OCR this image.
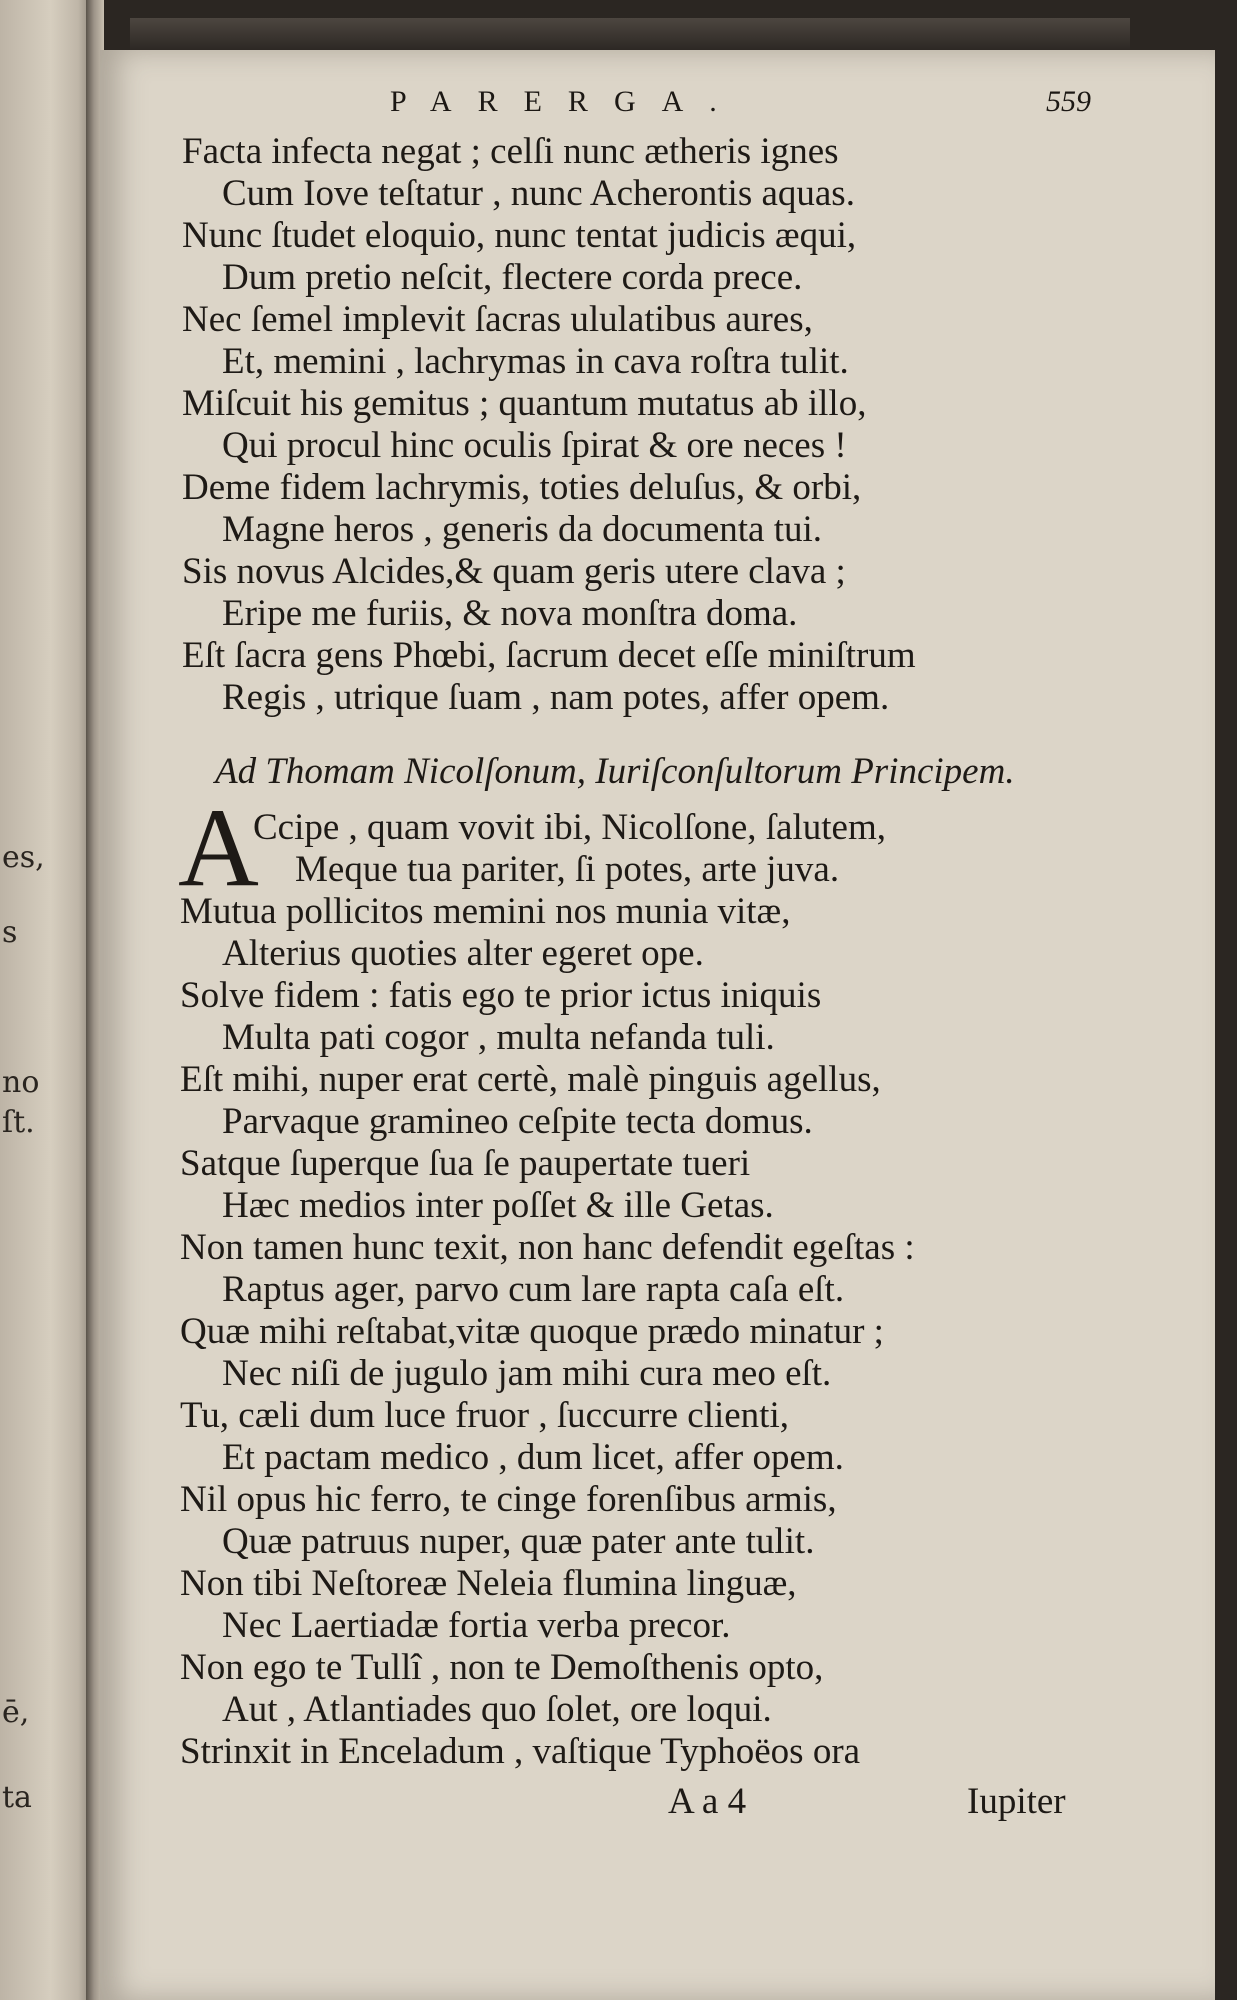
es,
s
no
ſt.
ē,
ta
PARERGA.	559
Facta infecta negat ; celſi nunc ætheris ignes
Cum Iove teſtatur , nunc Acherontis aquas.
Nunc ſtudet eloquio, nunc tentat judicis æqui,
Dum pretio neſcit, flectere corda prece.
Nec ſemel implevit ſacras ululatibus aures,
Et, memini , lachrymas in cava roſtra tulit.
Miſcuit his gemitus ; quantum mutatus ab illo,
Qui procul hinc oculis ſpirat & ore neces !
Deme fidem lachrymis, toties deluſus, & orbi,
Magne heros , generis da documenta tui.
Sis novus Alcides,& quam geris utere clava ;
Eripe me furiis, & nova monſtra doma.
Eſt ſacra gens Phœbi, ſacrum decet eſſe miniſtrum
Regis , utrique ſuam , nam potes, affer opem.
Ad Thomam Nicolſonum, Iuriſconſultorum Principem.
A
Ccipe , quam vovit ibi, Nicolſone, ſalutem,
Meque tua pariter, ſi potes, arte juva.
Mutua pollicitos memini nos munia vitæ,
Alterius quoties alter egeret ope.
Solve fidem : fatis ego te prior ictus iniquis
Multa pati cogor , multa nefanda tuli.
Eſt mihi, nuper erat certè, malè pinguis agellus,
Parvaque gramineo ceſpite tecta domus.
Satque ſuperque ſua ſe paupertate tueri
Hæc medios inter poſſet & ille Getas.
Non tamen hunc texit, non hanc defendit egeſtas :
Raptus ager, parvo cum lare rapta caſa eſt.
Quæ mihi reſtabat,vitæ quoque prædo minatur ;
Nec niſi de jugulo jam mihi cura meo eſt.
Tu, cæli dum luce fruor , ſuccurre clienti,
Et pactam medico , dum licet, affer opem.
Nil opus hic ferro, te cinge forenſibus armis,
Quæ patruus nuper, quæ pater ante tulit.
Non tibi Neſtoreæ Neleia flumina linguæ,
Nec Laertiadæ fortia verba precor.
Non ego te Tullî , non te Demoſthenis opto,
Aut , Atlantiades quo ſolet, ore loqui.
Strinxit in Enceladum , vaſtique Typhoëos ora
A a 4	Iupiter
